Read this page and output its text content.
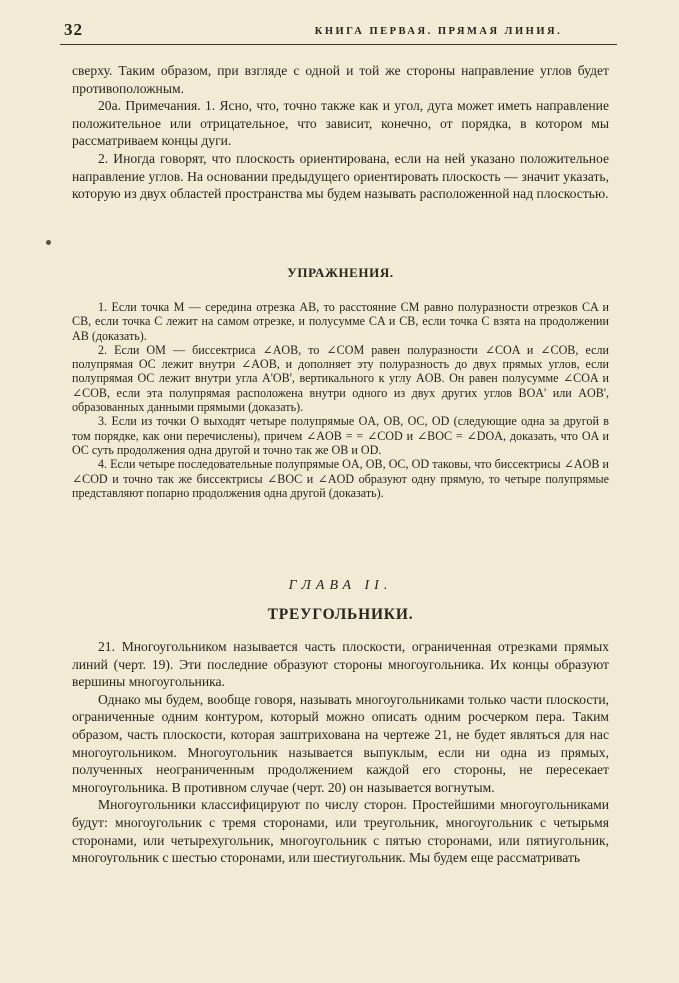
32	КНИГА ПЕРВАЯ. ПРЯМАЯ ЛИНИЯ.

сверху. Таким образом, при взгляде с одной и той же стороны направление углов будет противоположным.

20а. Примечания. 1. Ясно, что, точно также как и угол, дуга может иметь направление положительное или отрицательное, что зависит, конечно, от порядка, в котором мы рассматриваем концы дуги.

2. Иногда говорят, что плоскость ориентирована, если на ней указано положительное направление углов. На основании предыдущего ориентировать плоскость — значит указать, которую из двух областей пространства мы будем называть расположенной над плоскостью.

УПРАЖНЕНИЯ.

1. Если точка M — середина отрезка AB, то расстояние CM равно полуразности отрезков CA и CB, если точка C лежит на самом отрезке, и полусумме CA и CB, если точка C взята на продолжении AB (доказать).

2. Если OM — биссектриса ∠AOB, то ∠COM равен полуразности ∠COA и ∠COB, если полупрямая OC лежит внутри ∠AOB, и дополняет эту полуразность до двух прямых углов, если полупрямая OC лежит внутри угла A'OB', вертикального к углу AOB. Он равен полусумме ∠COA и ∠COB, если эта полупрямая расположена внутри одного из двух других углов BOA' или AOB', образованных данными прямыми (доказать).

3. Если из точки O выходят четыре полупрямые OA, OB, OC, OD (следующие одна за другой в том порядке, как они перечислены), причем ∠AOB = = ∠COD и ∠BOC = ∠DOA, доказать, что OA и OC суть продолжения одна другой и точно так же OB и OD.

4. Если четыре последовательные полупрямые OA, OB, OC, OD таковы, что биссектрисы ∠AOB и ∠COD и точно так же биссектрисы ∠BOC и ∠AOD образуют одну прямую, то четыре полупрямые представляют попарно продолжения одна другой (доказать).

ГЛАВА II.

ТРЕУГОЛЬНИКИ.

21. Многоугольником называется часть плоскости, ограниченная отрезками прямых линий (черт. 19). Эти последние образуют стороны многоугольника. Их концы образуют вершины многоугольника.

Однако мы будем, вообще говоря, называть многоугольниками только части плоскости, ограниченные одним контуром, который можно описать одним росчерком пера. Таким образом, часть плоскости, которая заштрихована на чертеже 21, не будет являться для нас многоугольником. Многоугольник называется выпуклым, если ни одна из прямых, полученных неограниченным продолжением каждой его стороны, не пересекает многоугольника. В противном случае (черт. 20) он называется вогнутым.

Многоугольники классифицируют по числу сторон. Простейшими многоугольниками будут: многоугольник с тремя сторонами, или треугольник, многоугольник с четырьмя сторонами, или четырехугольник, многоугольник с пятью сторонами, или пятиугольник, многоугольник с шестью сторонами, или шестиугольник. Мы будем еще рассматривать
